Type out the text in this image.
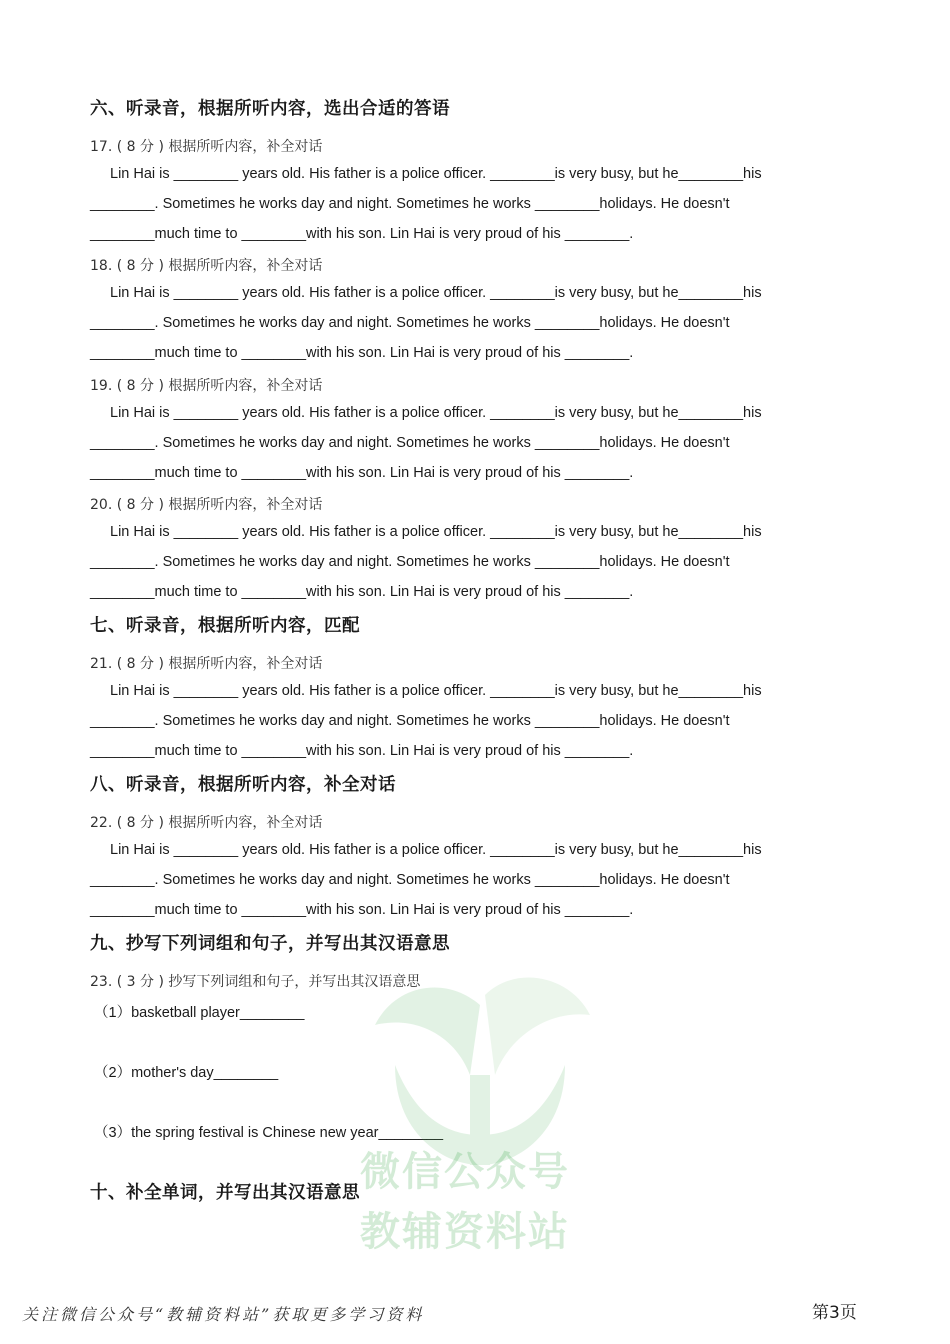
六、听录音，根据所听内容，选出合适的答语
17. ( 8 分 ) 根据所听内容，补全对话
Lin Hai is ________ years old. His father is a police officer. ________is very busy, but he________his
________. Sometimes he works day and night. Sometimes he works ________holidays. He doesn't
________much time to ________with his son. Lin Hai is very proud of his ________.
18. ( 8 分 ) 根据所听内容，补全对话
Lin Hai is ________ years old. His father is a police officer. ________is very busy, but he________his
________. Sometimes he works day and night. Sometimes he works ________holidays. He doesn't
________much time to ________with his son. Lin Hai is very proud of his ________.
19. ( 8 分 ) 根据所听内容，补全对话
Lin Hai is ________ years old. His father is a police officer. ________is very busy, but he________his
________. Sometimes he works day and night. Sometimes he works ________holidays. He doesn't
________much time to ________with his son. Lin Hai is very proud of his ________.
20. ( 8 分 ) 根据所听内容，补全对话
Lin Hai is ________ years old. His father is a police officer. ________is very busy, but he________his
________. Sometimes he works day and night. Sometimes he works ________holidays. He doesn't
________much time to ________with his son. Lin Hai is very proud of his ________.
七、听录音，根据所听内容，匹配
21. ( 8 分 ) 根据所听内容，补全对话
Lin Hai is ________ years old. His father is a police officer. ________is very busy, but he________his
________. Sometimes he works day and night. Sometimes he works ________holidays. He doesn't
________much time to ________with his son. Lin Hai is very proud of his ________.
八、听录音，根据所听内容，补全对话
22. ( 8 分 ) 根据所听内容，补全对话
Lin Hai is ________ years old. His father is a police officer. ________is very busy, but he________his
________. Sometimes he works day and night. Sometimes he works ________holidays. He doesn't
________much time to ________with his son. Lin Hai is very proud of his ________.
九、抄写下列词组和句子，并写出其汉语意思
23. ( 3 分 ) 抄写下列词组和句子，并写出其汉语意思
（1）basketball player________
（2）mother's day________
（3）the spring festival is Chinese new year________
十、补全单词，并写出其汉语意思 微信公众号
教辅资料站
关注微信公众号“教辅资料站”获取更多学习资料	第3页
